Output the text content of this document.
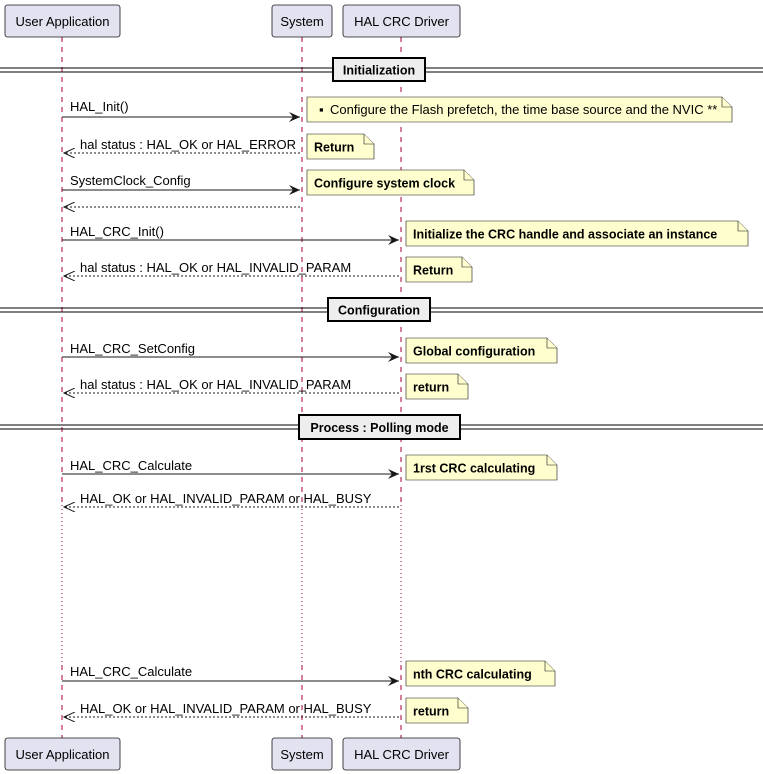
User Application	System HAL CRC Driver
User Application	System HAL CRC Driver
Initialization
HAL_Init()	▪ Configure the Flash prefetch, the time base source and the NVIC **
hal status : HAL_OK or HAL_ERROR Return
SystemClock_Config	Configure system clock
HAL_CRC_Init()	Initialize the CRC handle and associate an instance
hal status : HAL_OK or HAL_INVALID_PARAM	Return
Configuration
HAL_CRC_SetConfig	Global configuration
hal status : HAL_OK or HAL_INVALID_PARAM	return
Process : Polling mode
HAL_CRC_Calculate	1rst CRC calculating
HAL_OK or HAL_INVALID_PARAM or HAL_BUSY
HAL_CRC_Calculate	nth CRC calculating
HAL_OK or HAL_INVALID_PARAM or HAL_BUSY	return
